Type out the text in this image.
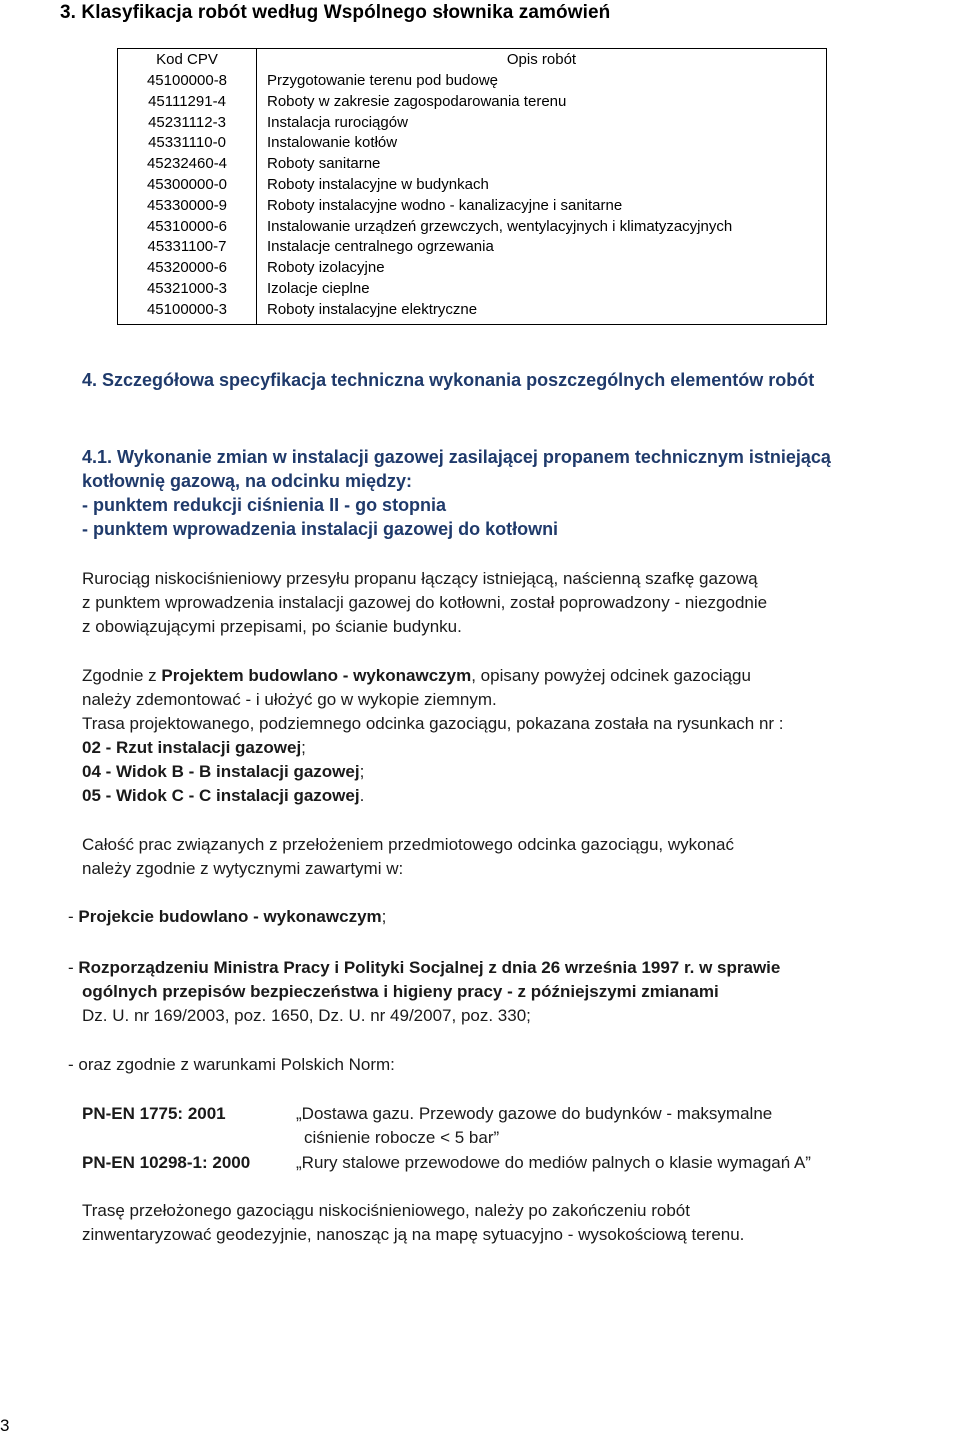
3. Klasyfikacja robót według Wspólnego słownika zamówień
Kod CPV	Opis robót
45100000-8	Przygotowanie terenu pod budowę
45111291-4	Roboty w zakresie zagospodarowania terenu
45231112-3	Instalacja rurociągów
45331110-0	Instalowanie kotłów
45232460-4	Roboty sanitarne
45300000-0	Roboty instalacyjne w budynkach
45330000-9	Roboty instalacyjne wodno - kanalizacyjne i sanitarne
45310000-6	Instalowanie urządzeń grzewczych, wentylacyjnych i klimatyzacyjnych
45331100-7	Instalacje centralnego ogrzewania
45320000-6	Roboty izolacyjne
45321000-3	Izolacje cieplne
45100000-3	Roboty instalacyjne elektryczne
4. Szczegółowa specyfikacja techniczna wykonania poszczególnych elementów robót
4.1. Wykonanie zmian w instalacji gazowej zasilającej propanem technicznym istniejącą
kotłownię gazową, na odcinku między:
- punktem redukcji ciśnienia II - go stopnia
- punktem wprowadzenia instalacji gazowej do kotłowni
Rurociąg niskociśnieniowy przesyłu propanu łączący istniejącą, naścienną szafkę gazową
z punktem wprowadzenia instalacji gazowej do kotłowni, został poprowadzony - niezgodnie
z obowiązującymi przepisami, po ścianie budynku.
Zgodnie z Projektem budowlano - wykonawczym, opisany powyżej odcinek gazociągu
należy zdemontować - i ułożyć go w wykopie ziemnym.
Trasa projektowanego, podziemnego odcinka gazociągu, pokazana została na rysunkach nr :
02 - Rzut instalacji gazowej;
04 - Widok B - B instalacji gazowej;
05 - Widok C - C instalacji gazowej.
Całość prac związanych z przełożeniem przedmiotowego odcinka gazociągu, wykonać
należy zgodnie z wytycznymi zawartymi w:
- Projekcie budowlano - wykonawczym;
- Rozporządzeniu Ministra Pracy i Polityki Socjalnej z dnia 26 września 1997 r. w sprawie
ogólnych przepisów bezpieczeństwa i higieny pracy - z późniejszymi zmianami
Dz. U. nr 169/2003, poz. 1650, Dz. U. nr 49/2007, poz. 330;
- oraz zgodnie z warunkami Polskich Norm:
PN-EN 1775: 2001	„Dostawa gazu. Przewody gazowe do budynków - maksymalne
ciśnienie robocze < 5 bar”
PN-EN 10298-1: 2000	„Rury stalowe przewodowe do mediów palnych o klasie wymagań A”
Trasę przełożonego gazociągu niskociśnieniowego, należy po zakończeniu robót
zinwentaryzować geodezyjnie, nanosząc ją na mapę sytuacyjno - wysokościową terenu.
3
